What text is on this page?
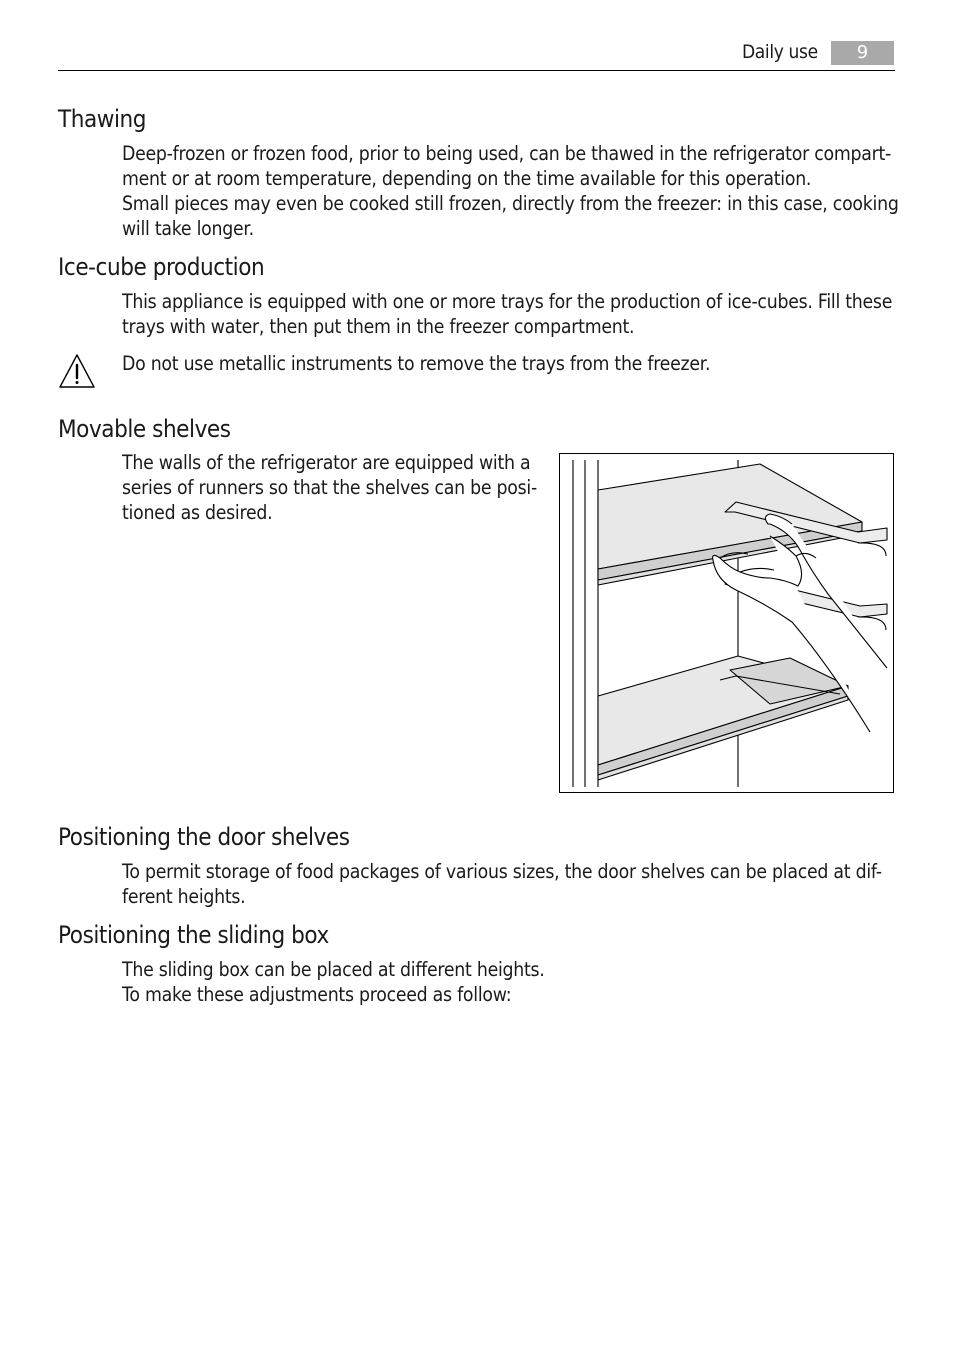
Daily use	9
Thawing

Deep-frozen or frozen food, prior to being used, can be thawed in the refrigerator compart-
ment or at room temperature, depending on the time available for this operation.
Small pieces may even be cooked still frozen, directly from the freezer: in this case, cooking
will take longer.

Ice-cube production

This appliance is equipped with one or more trays for the production of ice-cubes. Fill these
trays with water, then put them in the freezer compartment.

Do not use metallic instruments to remove the trays from the freezer.

Movable shelves

The walls of the refrigerator are equipped with a
series of runners so that the shelves can be posi-
tioned as desired.

Positioning the door shelves

To permit storage of food packages of various sizes, the door shelves can be placed at dif-
ferent heights.

Positioning the sliding box

The sliding box can be placed at different heights.
To make these adjustments proceed as follow:
